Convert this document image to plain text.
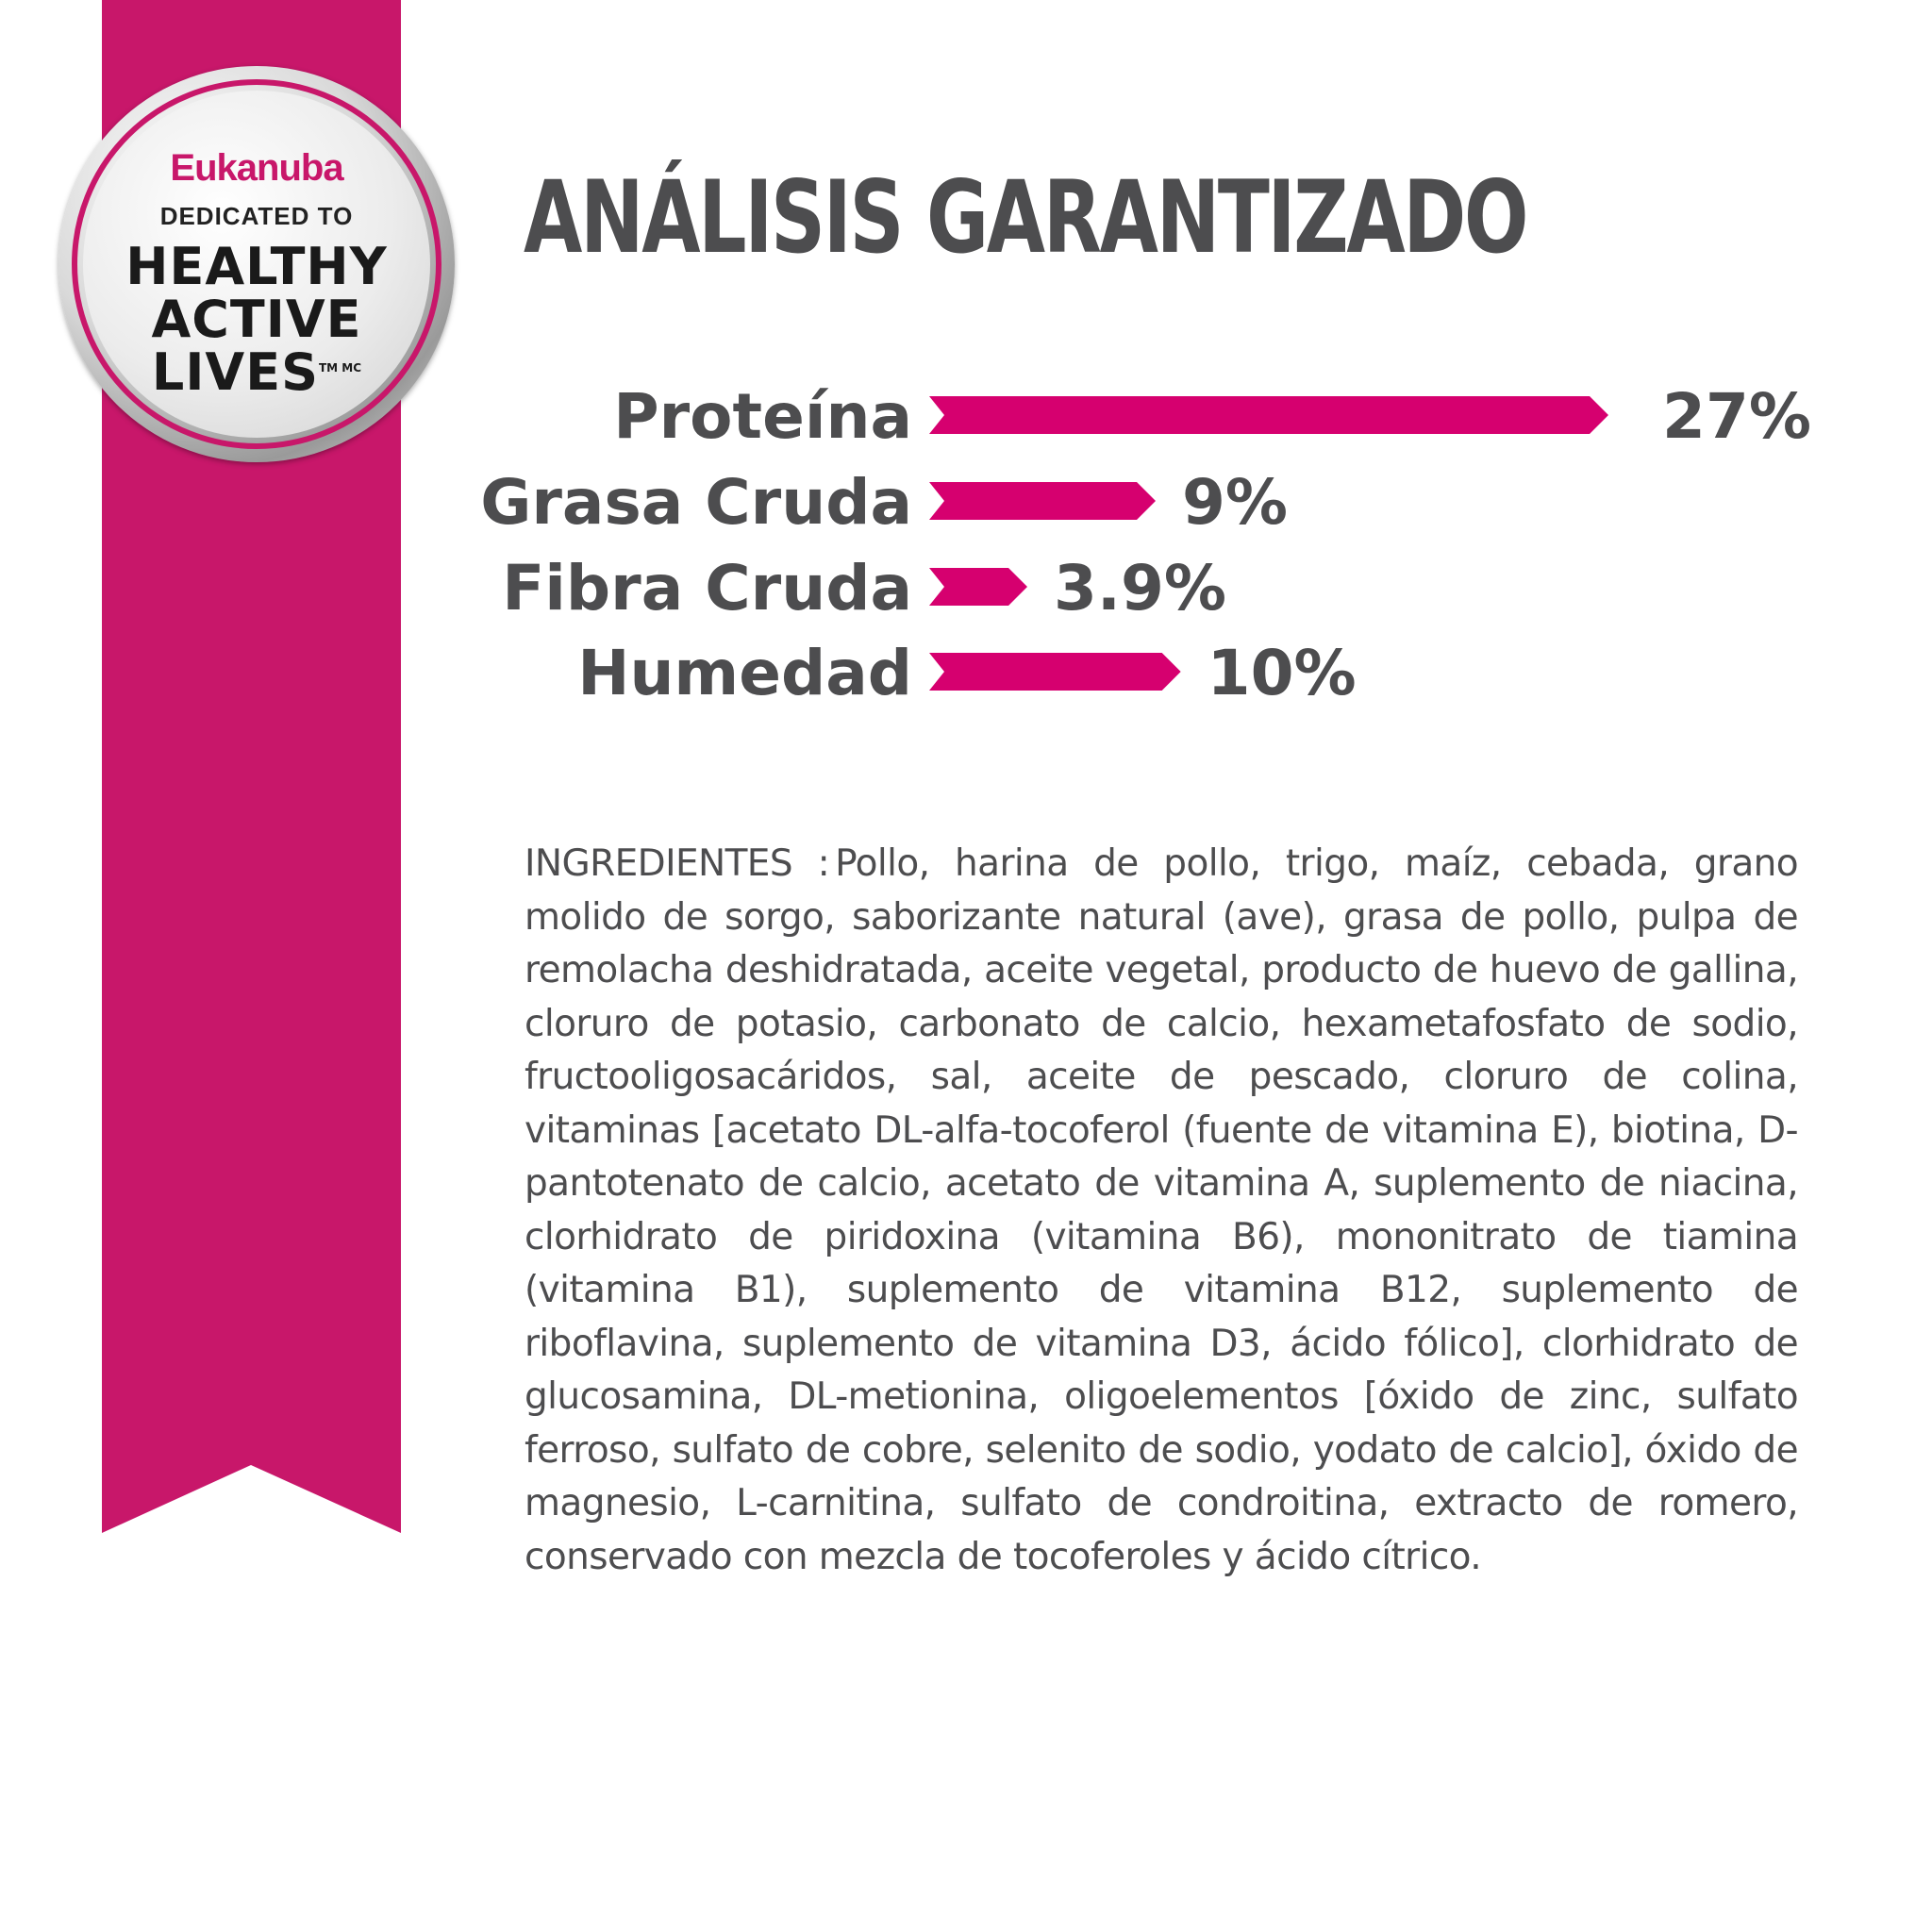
Eukanuba
DEDICATED TO
HEALTHY
ACTIVE
$LIVES^{TM MC}$
ANÁLISIS GARANTIZADO
Proteína	27%
Grasa Cruda	9%
Fibra Cruda 3.9%
Humedad	10%
INGREDIENTES : Pollo, harina de pollo, trigo, maíz, cebada, grano molido de sorgo, saborizante natural (ave), grasa de pollo, pulpa de remolacha deshidratada, aceite vegetal, producto de huevo de gallina, cloruro de potasio, carbonato de calcio, hexametafosfato de sodio, fructooligosacáridos, sal, aceite de pescado, cloruro de colina, vitaminas [acetato DL-alfa-tocoferol (fuente de vitamina E), biotina, D-pantotenato de calcio, acetato de vitamina A, suplemento de niacina, clorhidrato de piridoxina (vitamina B6), mononitrato de tiamina (vitamina B1), suplemento de vitamina B12, suplemento de riboflavina, suplemento de vitamina D3, ácido fólico], clorhidrato de glucosamina, DL-metionina, oligoelementos [óxido de zinc, sulfato ferroso, sulfato de cobre, selenito de sodio, yodato de calcio], óxido de magnesio, L-carnitina, sulfato de condroitina, extracto de romero, conservado con mezcla de tocoferoles y ácido cítrico.
